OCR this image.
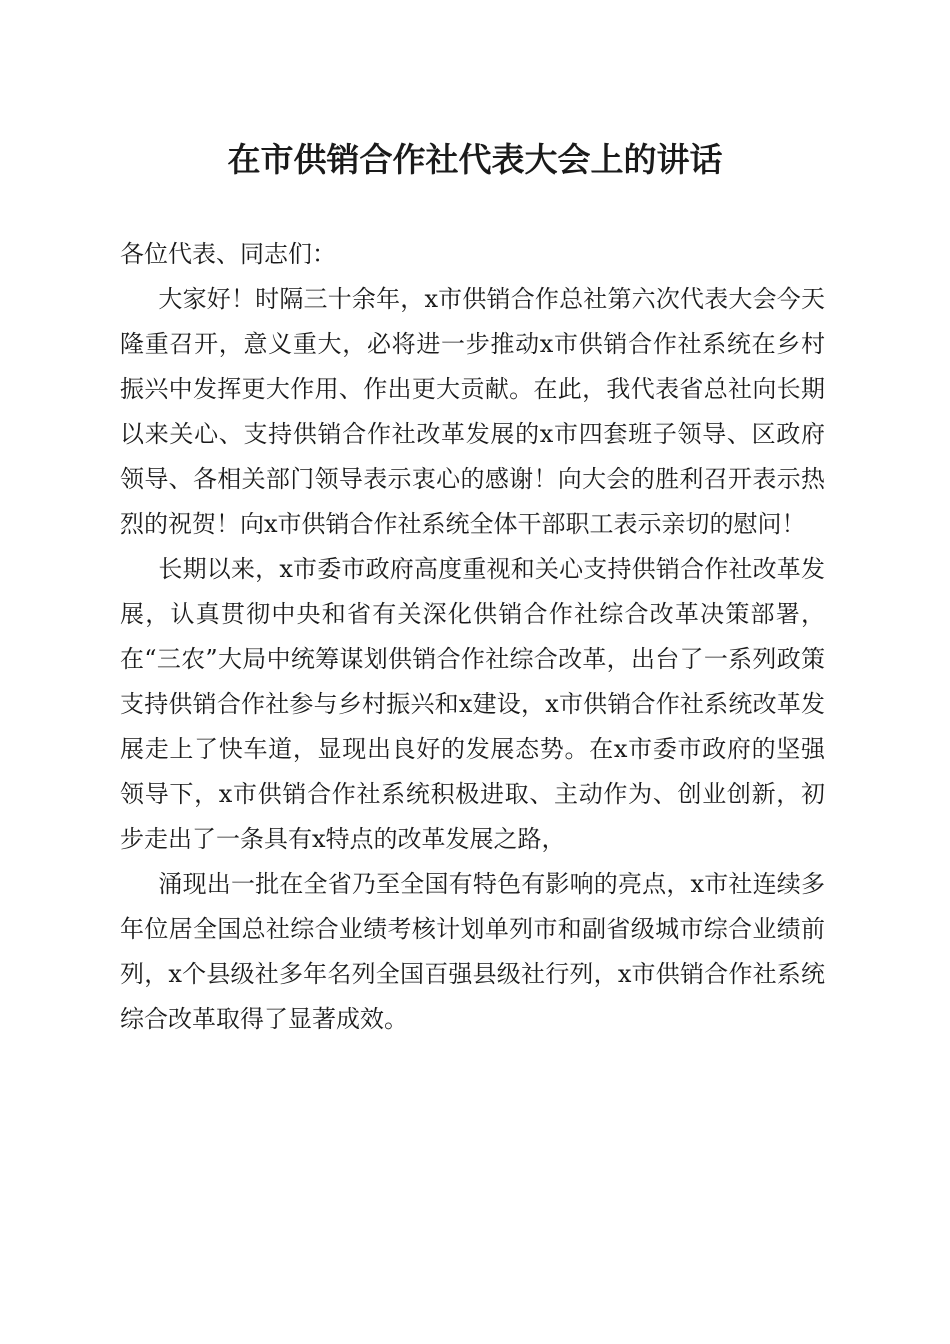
在市供销合作社代表大会上的讲话

各位代表、同志们：

大家好！时隔三十余年，x市供销合作总社第六次代表大会今天隆重召开，意义重大，必将进一步推动x市供销合作社系统在乡村振兴中发挥更大作用、作出更大贡献。在此，我代表省总社向长期以来关心、支持供销合作社改革发展的x市四套班子领导、区政府领导、各相关部门领导表示衷心的感谢！向大会的胜利召开表示热烈的祝贺！向x市供销合作社系统全体干部职工表示亲切的慰问！

长期以来，x市委市政府高度重视和关心支持供销合作社改革发展，认真贯彻中央和省有关深化供销合作社综合改革决策部署，在“三农”大局中统筹谋划供销合作社综合改革，出台了一系列政策支持供销合作社参与乡村振兴和x建设，x市供销合作社系统改革发展走上了快车道，显现出良好的发展态势。在x市委市政府的坚强领导下，x市供销合作社系统积极进取、主动作为、创业创新，初步走出了一条具有x特点的改革发展之路，

涌现出一批在全省乃至全国有特色有影响的亮点，x市社连续多年位居全国总社综合业绩考核计划单列市和副省级城市综合业绩前列，x个县级社多年名列全国百强县级社行列，x市供销合作社系统综合改革取得了显著成效。
